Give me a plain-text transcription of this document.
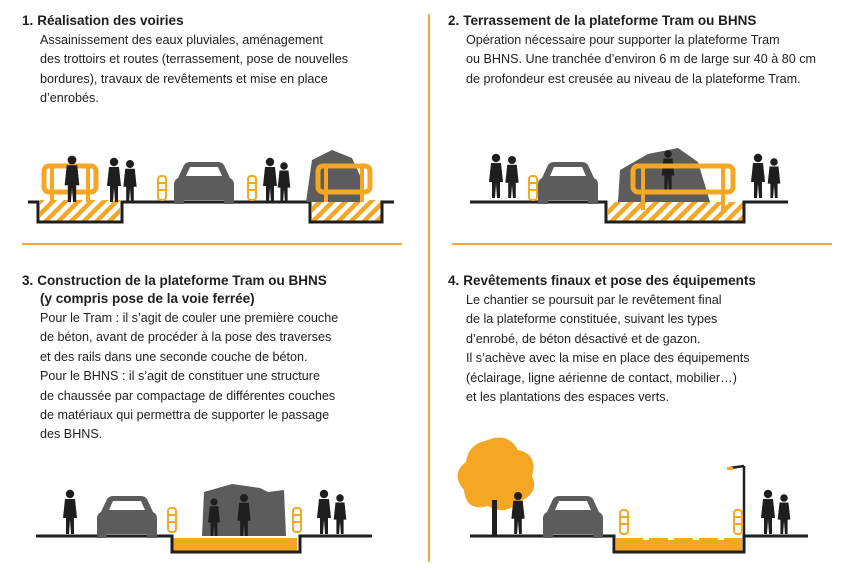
1. Réalisation des voiries
Assainissement des eaux pluviales, aménagement
des trottoirs et routes (terrassement, pose de nouvelles
bordures), travaux de revêtements et mise en place
d’enrobés.
2. Terrassement de la plateforme Tram ou BHNS
Opération nécessaire pour supporter la plateforme Tram
ou BHNS. Une tranchée d’environ 6 m de large sur 40 à 80 cm
de profondeur est creusée au niveau de la plateforme Tram.
3. Construction de la plateforme Tram ou BHNS
(y compris pose de la voie ferrée)
Pour le Tram : il s’agit de couler une première couche
de béton, avant de procéder à la pose des traverses
et des rails dans une seconde couche de béton.
Pour le BHNS : il s’agit de constituer une structure
de chaussée par compactage de différentes couches
de matériaux qui permettra de supporter le passage
des BHNS.
4. Revêtements finaux et pose des équipements
Le chantier se poursuit par le revêtement final
de la plateforme constituée, suivant les types
d’enrobé, de béton désactivé et de gazon.
Il s’achève avec la mise en place des équipements
(éclairage, ligne aérienne de contact, mobilier…)
et les plantations des espaces verts.
